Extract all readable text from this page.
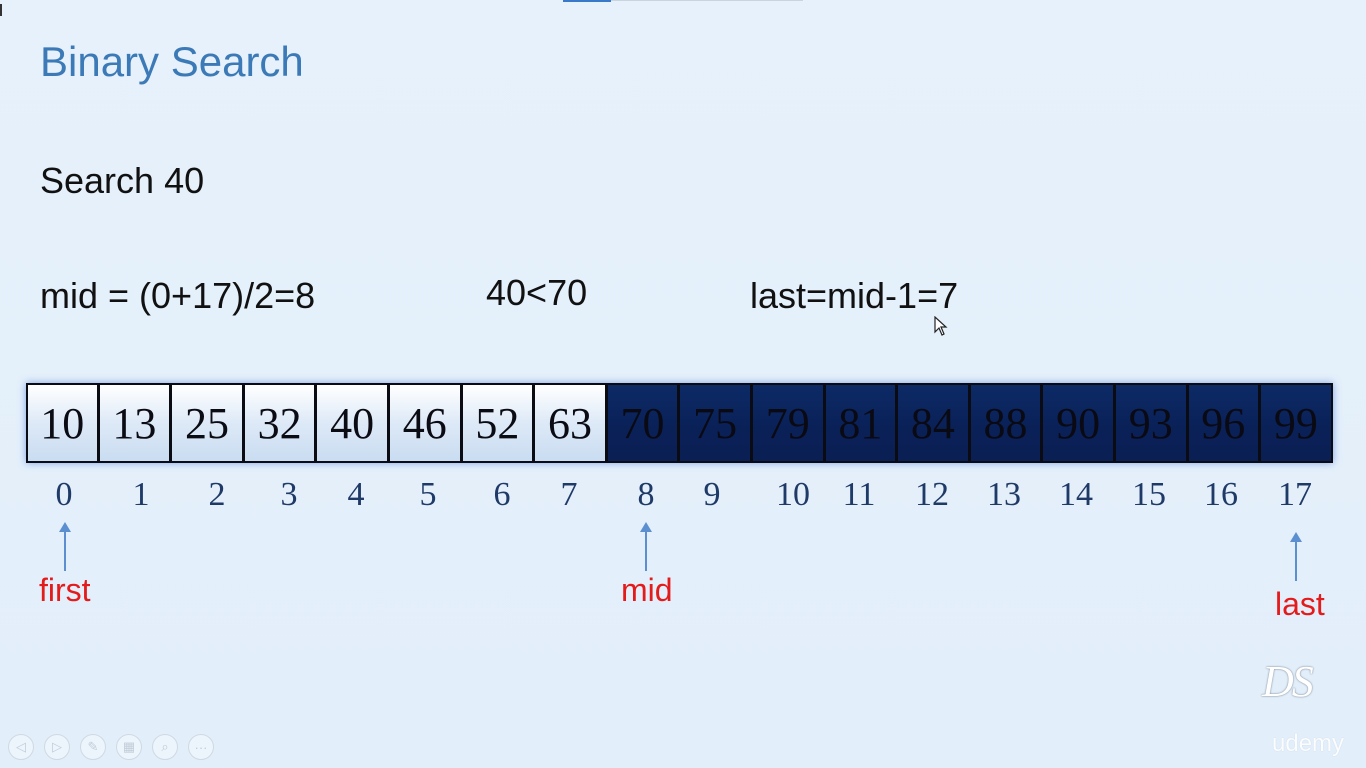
Binary Search
Search 40
mid = (0+17)/2=8	40<70	last=mid-1=7
10 13 25 32 40 46 52 63 70 75 79 81 84 88 90 93 96 99
0	1	2	3	4	5	6	7	8	9	10 11	12	13	14	15	16	17
first	mid	last
DS
udemy
◁ ▷ ✎ ▦ ⌕ ···
